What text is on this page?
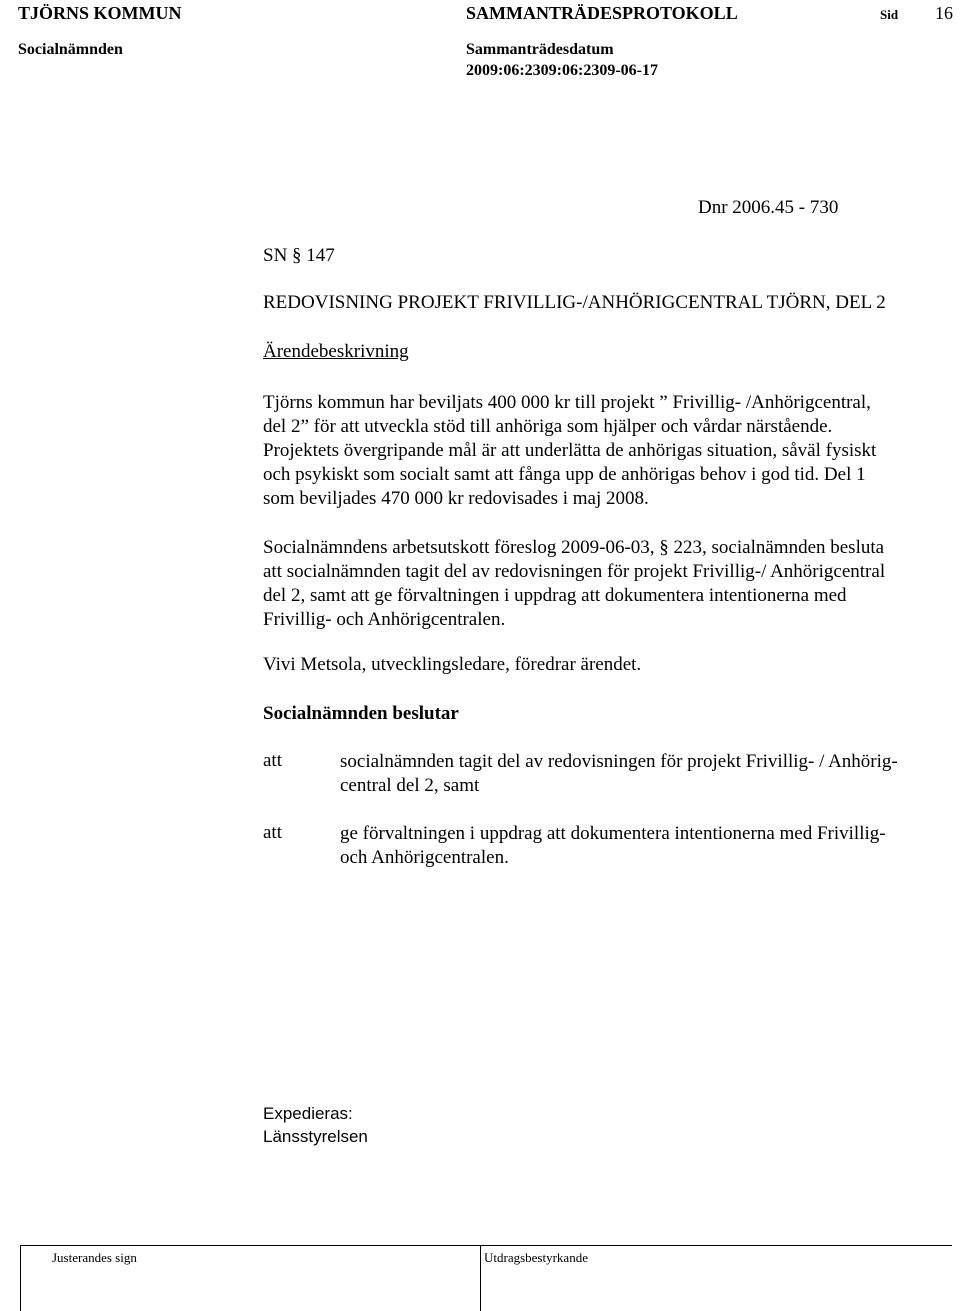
TJÖRNS KOMMUN	SAMMANTRÄDESPROTOKOLL	Sid 16
Socialnämnden	Sammanträdesdatum
2009:06:2309:06:2309-06-17
Dnr 2006.45 - 730
SN § 147
REDOVISNING PROJEKT FRIVILLIG-/ANHÖRIGCENTRAL TJÖRN, DEL 2
Ärendebeskrivning
Tjörns kommun har beviljats 400 000 kr till projekt ” Frivillig- /Anhörigcentral,
del 2” för att utveckla stöd till anhöriga som hjälper och vårdar närstående.
Projektets övergripande mål är att underlätta de anhörigas situation, såväl fysiskt
och psykiskt som socialt samt att fånga upp de anhörigas behov i god tid. Del 1
som beviljades 470 000 kr redovisades i maj 2008.
Socialnämndens arbetsutskott föreslog 2009-06-03, § 223, socialnämnden besluta
att socialnämnden tagit del av redovisningen för projekt Frivillig-/ Anhörigcentral
del 2, samt att ge förvaltningen i uppdrag att dokumentera intentionerna med
Frivillig- och Anhörigcentralen.
Vivi Metsola, utvecklingsledare, föredrar ärendet.
Socialnämnden beslutar
att	socialnämnden tagit del av redovisningen för projekt Frivillig- / Anhörig-
central del 2, samt
att	ge förvaltningen i uppdrag att dokumentera intentionerna med Frivillig-
och Anhörigcentralen.
Expedieras:
Länsstyrelsen
Justerandes sign	Utdragsbestyrkande
